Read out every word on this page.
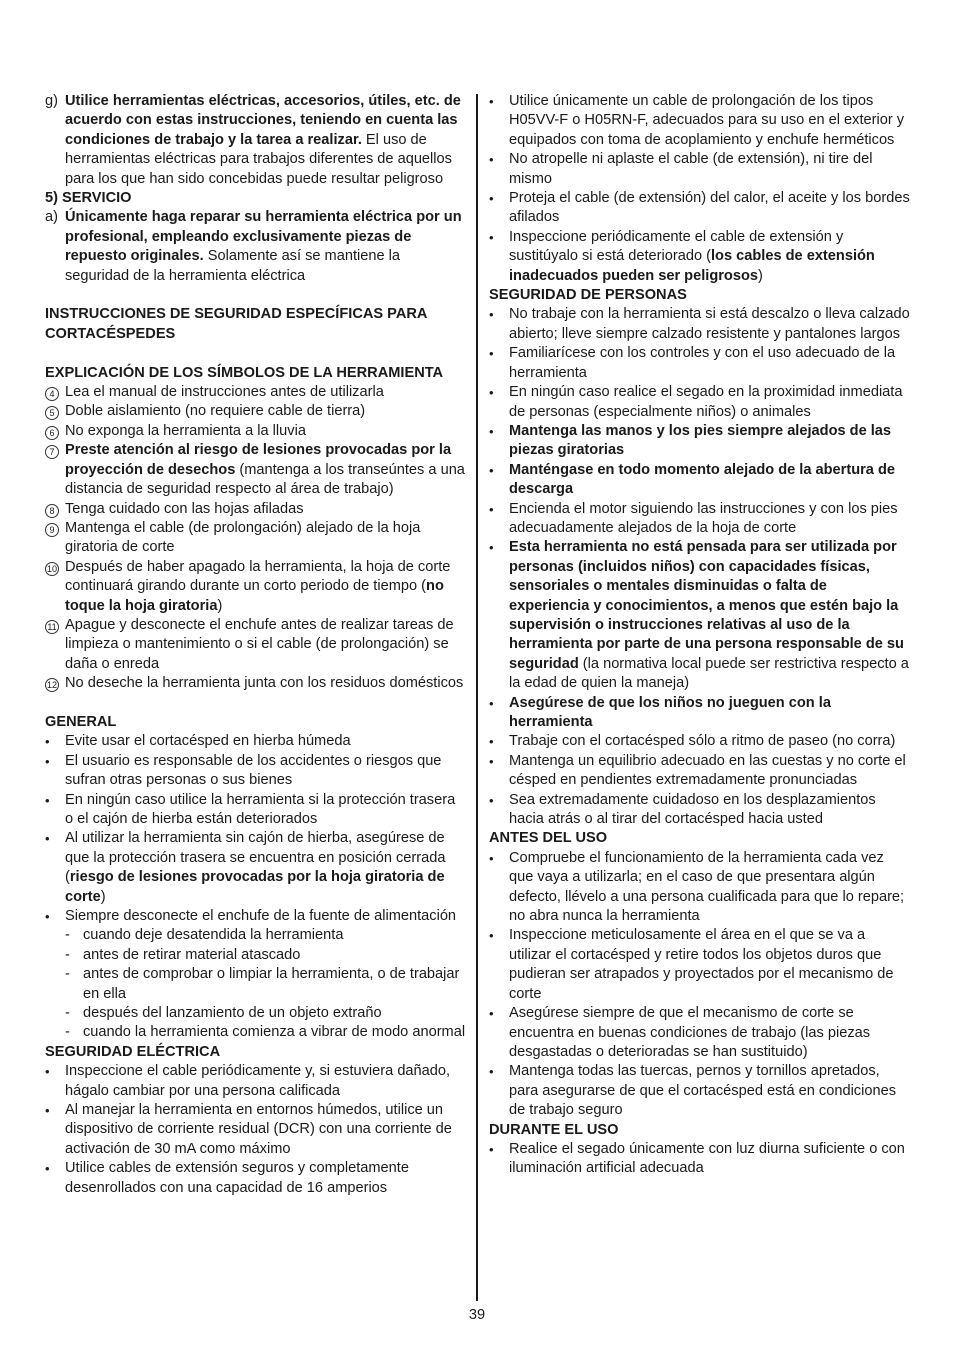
g) Utilice herramientas eléctricas, accesorios, útiles, etc. de acuerdo con estas instrucciones, teniendo en cuenta las condiciones de trabajo y la tarea a realizar. El uso de herramientas eléctricas para trabajos diferentes de aquellos para los que han sido concebidas puede resultar peligroso

5) SERVICIO

a) Únicamente haga reparar su herramienta eléctrica por un profesional, empleando exclusivamente piezas de repuesto originales. Solamente así se mantiene la seguridad de la herramienta eléctrica

INSTRUCCIONES DE SEGURIDAD ESPECÍFICAS PARA CORTACÉSPEDES

EXPLICACIÓN DE LOS SÍMBOLOS DE LA HERRAMIENTA

4 Lea el manual de instrucciones antes de utilizarla
5 Doble aislamiento (no requiere cable de tierra)
6 No exponga la herramienta a la lluvia
7 Preste atención al riesgo de lesiones provocadas por la proyección de desechos (mantenga a los transeúntes a una distancia de seguridad respecto al área de trabajo)
8 Tenga cuidado con las hojas afiladas
9 Mantenga el cable (de prolongación) alejado de la hoja giratoria de corte
10 Después de haber apagado la herramienta, la hoja de corte continuará girando durante un corto periodo de tiempo (no toque la hoja giratoria)
11 Apague y desconecte el enchufe antes de realizar tareas de limpieza o mantenimiento o si el cable (de prolongación) se daña o enreda
12 No deseche la herramienta junta con los residuos domésticos

GENERAL

• Evite usar el cortacésped en hierba húmeda
• El usuario es responsable de los accidentes o riesgos que sufran otras personas o sus bienes
• En ningún caso utilice la herramienta si la protección trasera o el cajón de hierba están deteriorados
• Al utilizar la herramienta sin cajón de hierba, asegúrese de que la protección trasera se encuentra en posición cerrada (riesgo de lesiones provocadas por la hoja giratoria de corte)
• Siempre desconecte el enchufe de la fuente de alimentación
- cuando deje desatendida la herramienta
- antes de retirar material atascado
- antes de comprobar o limpiar la herramienta, o de trabajar en ella
- después del lanzamiento de un objeto extraño
- cuando la herramienta comienza a vibrar de modo anormal

SEGURIDAD ELÉCTRICA

• Inspeccione el cable periódicamente y, si estuviera dañado, hágalo cambiar por una persona calificada
• Al manejar la herramienta en entornos húmedos, utilice un dispositivo de corriente residual (DCR) con una corriente de activación de 30 mA como máximo
• Utilice cables de extensión seguros y completamente desenrollados con una capacidad de 16 amperios
• Utilice únicamente un cable de prolongación de los tipos H05VV-F o H05RN-F, adecuados para su uso en el exterior y equipados con toma de acoplamiento y enchufe herméticos
• No atropelle ni aplaste el cable (de extensión), ni tire del mismo
• Proteja el cable (de extensión) del calor, el aceite y los bordes afilados
• Inspeccione periódicamente el cable de extensión y sustitúyalo si está deteriorado (los cables de extensión inadecuados pueden ser peligrosos)

SEGURIDAD DE PERSONAS

• No trabaje con la herramienta si está descalzo o lleva calzado abierto; lleve siempre calzado resistente y pantalones largos
• Familiarícese con los controles y con el uso adecuado de la herramienta
• En ningún caso realice el segado en la proximidad inmediata de personas (especialmente niños) o animales
• Mantenga las manos y los pies siempre alejados de las piezas giratorias
• Manténgase en todo momento alejado de la abertura de descarga
• Encienda el motor siguiendo las instrucciones y con los pies adecuadamente alejados de la hoja de corte
• Esta herramienta no está pensada para ser utilizada por personas (incluidos niños) con capacidades físicas, sensoriales o mentales disminuidas o falta de experiencia y conocimientos, a menos que estén bajo la supervisión o instrucciones relativas al uso de la herramienta por parte de una persona responsable de su seguridad (la normativa local puede ser restrictiva respecto a la edad de quien la maneja)
• Asegúrese de que los niños no jueguen con la herramienta
• Trabaje con el cortacésped sólo a ritmo de paseo (no corra)
• Mantenga un equilibrio adecuado en las cuestas y no corte el césped en pendientes extremadamente pronunciadas
• Sea extremadamente cuidadoso en los desplazamientos hacia atrás o al tirar del cortacésped hacia usted

ANTES DEL USO

• Compruebe el funcionamiento de la herramienta cada vez que vaya a utilizarla; en el caso de que presentara algún defecto, llévelo a una persona cualificada para que lo repare; no abra nunca la herramienta
• Inspeccione meticulosamente el área en el que se va a utilizar el cortacésped y retire todos los objetos duros que pudieran ser atrapados y proyectados por el mecanismo de corte
• Asegúrese siempre de que el mecanismo de corte se encuentra en buenas condiciones de trabajo (las piezas desgastadas o deterioradas se han sustituido)
• Mantenga todas las tuercas, pernos y tornillos apretados, para asegurarse de que el cortacésped está en condiciones de trabajo seguro

DURANTE EL USO

• Realice el segado únicamente con luz diurna suficiente o con iluminación artificial adecuada
39
